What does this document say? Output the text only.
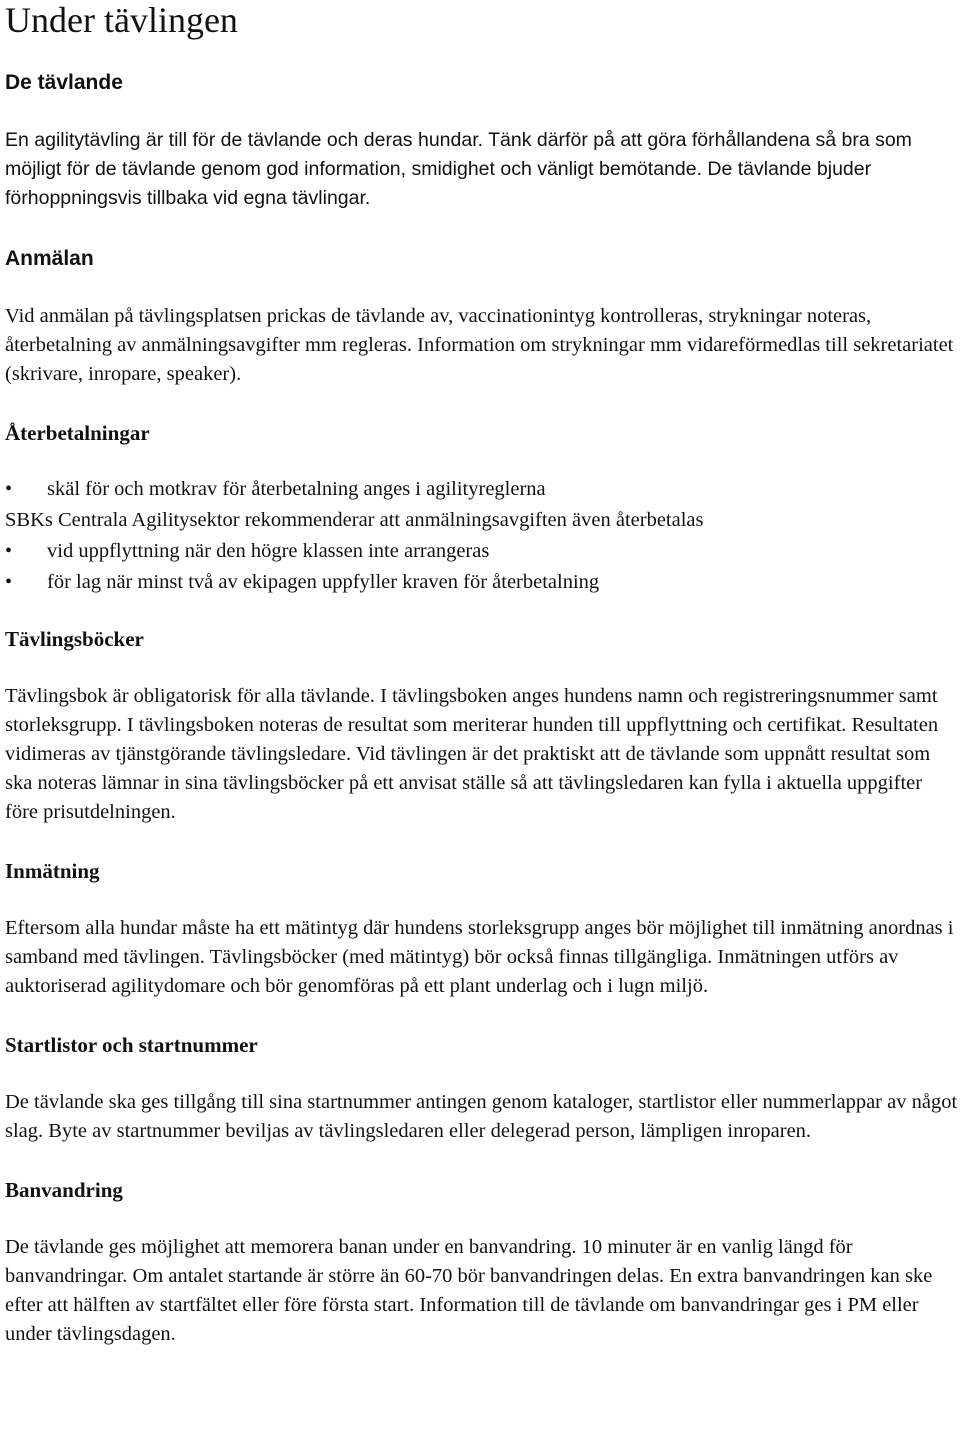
Under tävlingen
De tävlande

En agilitytävling är till för de tävlande och deras hundar. Tänk därför på att göra förhållandena så bra som möjligt för de tävlande genom god information, smidighet och vänligt bemötande. De tävlande bjuder förhoppningsvis tillbaka vid egna tävlingar.

Anmälan

Vid anmälan på tävlingsplatsen prickas de tävlande av, vaccinationintyg kontrolleras, strykningar noteras, återbetalning av anmälningsavgifter mm regleras. Information om strykningar mm vidareförmedlas till sekretariatet (skrivare, inropare, speaker).

Återbetalningar
• skäl för och motkrav för återbetalning anges i agilityreglerna
SBKs Centrala Agilitysektor rekommenderar att anmälningsavgiften även återbetalas
• vid uppflyttning när den högre klassen inte arrangeras
• för lag när minst två av ekipagen uppfyller kraven för återbetalning
Tävlingsböcker

Tävlingsbok är obligatorisk för alla tävlande. I tävlingsboken anges hundens namn och registreringsnummer samt storleksgrupp. I tävlingsboken noteras de resultat som meriterar hunden till uppflyttning och certifikat. Resultaten vidimeras av tjänstgörande tävlingsledare. Vid tävlingen är det praktiskt att de tävlande som uppnått resultat som ska noteras lämnar in sina tävlingsböcker på ett anvisat ställe så att tävlingsledaren kan fylla i aktuella uppgifter före prisutdelningen.

Inmätning

Eftersom alla hundar måste ha ett mätintyg där hundens storleksgrupp anges bör möjlighet till inmätning anordnas i samband med tävlingen. Tävlingsböcker (med mätintyg) bör också finnas tillgängliga. Inmätningen utförs av auktoriserad agilitydomare och bör genomföras på ett plant underlag och i lugn miljö.

Startlistor och startnummer

De tävlande ska ges tillgång till sina startnummer antingen genom kataloger, startlistor eller nummerlappar av något slag. Byte av startnummer beviljas av tävlingsledaren eller delegerad person, lämpligen inroparen.

Banvandring

De tävlande ges möjlighet att memorera banan under en banvandring. 10 minuter är en vanlig längd för banvandringar. Om antalet startande är större än 60-70 bör banvandringen delas. En extra banvandringen kan ske efter att hälften av startfältet eller före första start. Information till de tävlande om banvandringar ges i PM eller under tävlingsdagen.
